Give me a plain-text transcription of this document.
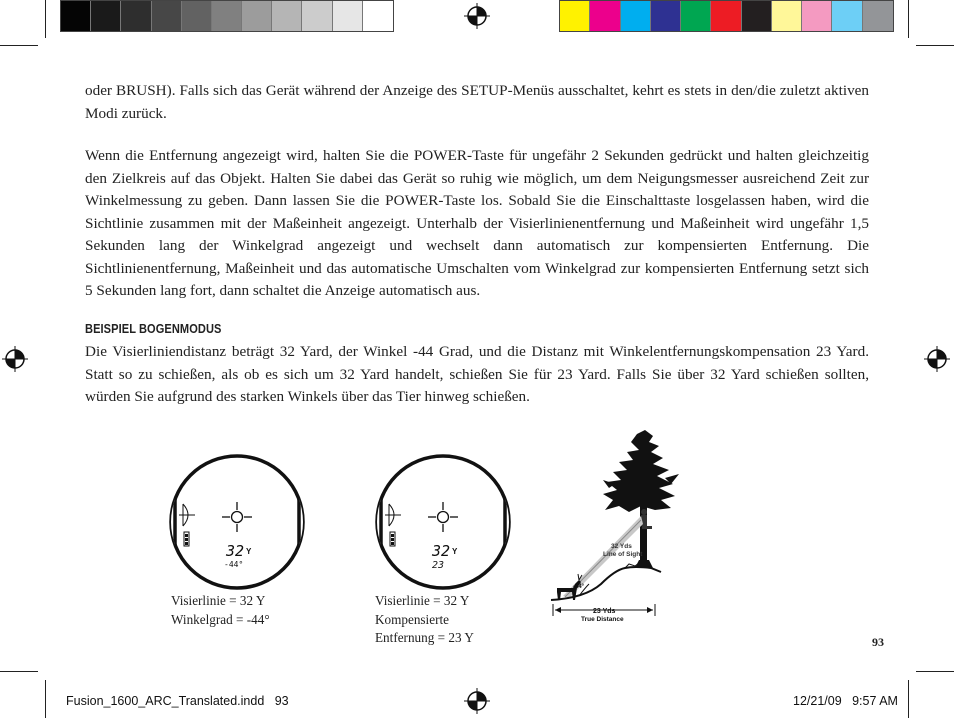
oder BRUSH). Falls sich das Gerät während der Anzeige des SETUP-Menüs ausschaltet, kehrt es stets in den/die zuletzt aktiven Modi zurück.

Wenn die Entfernung angezeigt wird, halten Sie die POWER-Taste für ungefähr 2 Sekunden gedrückt und halten gleichzeitig den Zielkreis auf das Objekt. Halten Sie dabei das Gerät so ruhig wie möglich, um dem Neigungsmesser ausreichend Zeit zur Winkelmessung zu geben. Dann lassen Sie die POWER-Taste los. Sobald Sie die Einschalttaste losgelassen haben, wird die Sichtlinie zusammen mit der Maßeinheit angezeigt. Unterhalb der Visierlinienentfernung und Maßeinheit wird ungefähr 1,5 Sekunden lang der Winkelgrad angezeigt und wechselt dann automatisch zur kompensierten Entfernung. Die Sichtlinienentfernung, Maßeinheit und das automatische Umschalten vom Winkelgrad zur kompensierten Entfernung setzt sich 5 Sekunden lang fort, dann schaltet die Anzeige automatisch aus.

BEISPIEL BOGENMODUS

Die Visierliniendistanz beträgt 32 Yard, der Winkel -44 Grad, und die Distanz mit Winkelentfernungskompensation 23 Yard. Statt so zu schießen, als ob es sich um 32 Yard handelt, schießen Sie für 23 Yard. Falls Sie über 32 Yard schießen sollten, würden Sie aufgrund des starken Winkels über das Tier hinweg schießen.

32 Y
-44°
32 Y
23
Visierlinie = 32 Y
Winkelgrad = -44°
Visierlinie = 32 Y
Kompensierte
Entfernung = 23 Y
-44°
32 Yds
Line of Sight
23 Yds
True Distance
93
Fusion_1600_ARC_Translated.indd   93	12/21/09   9:57 AM
